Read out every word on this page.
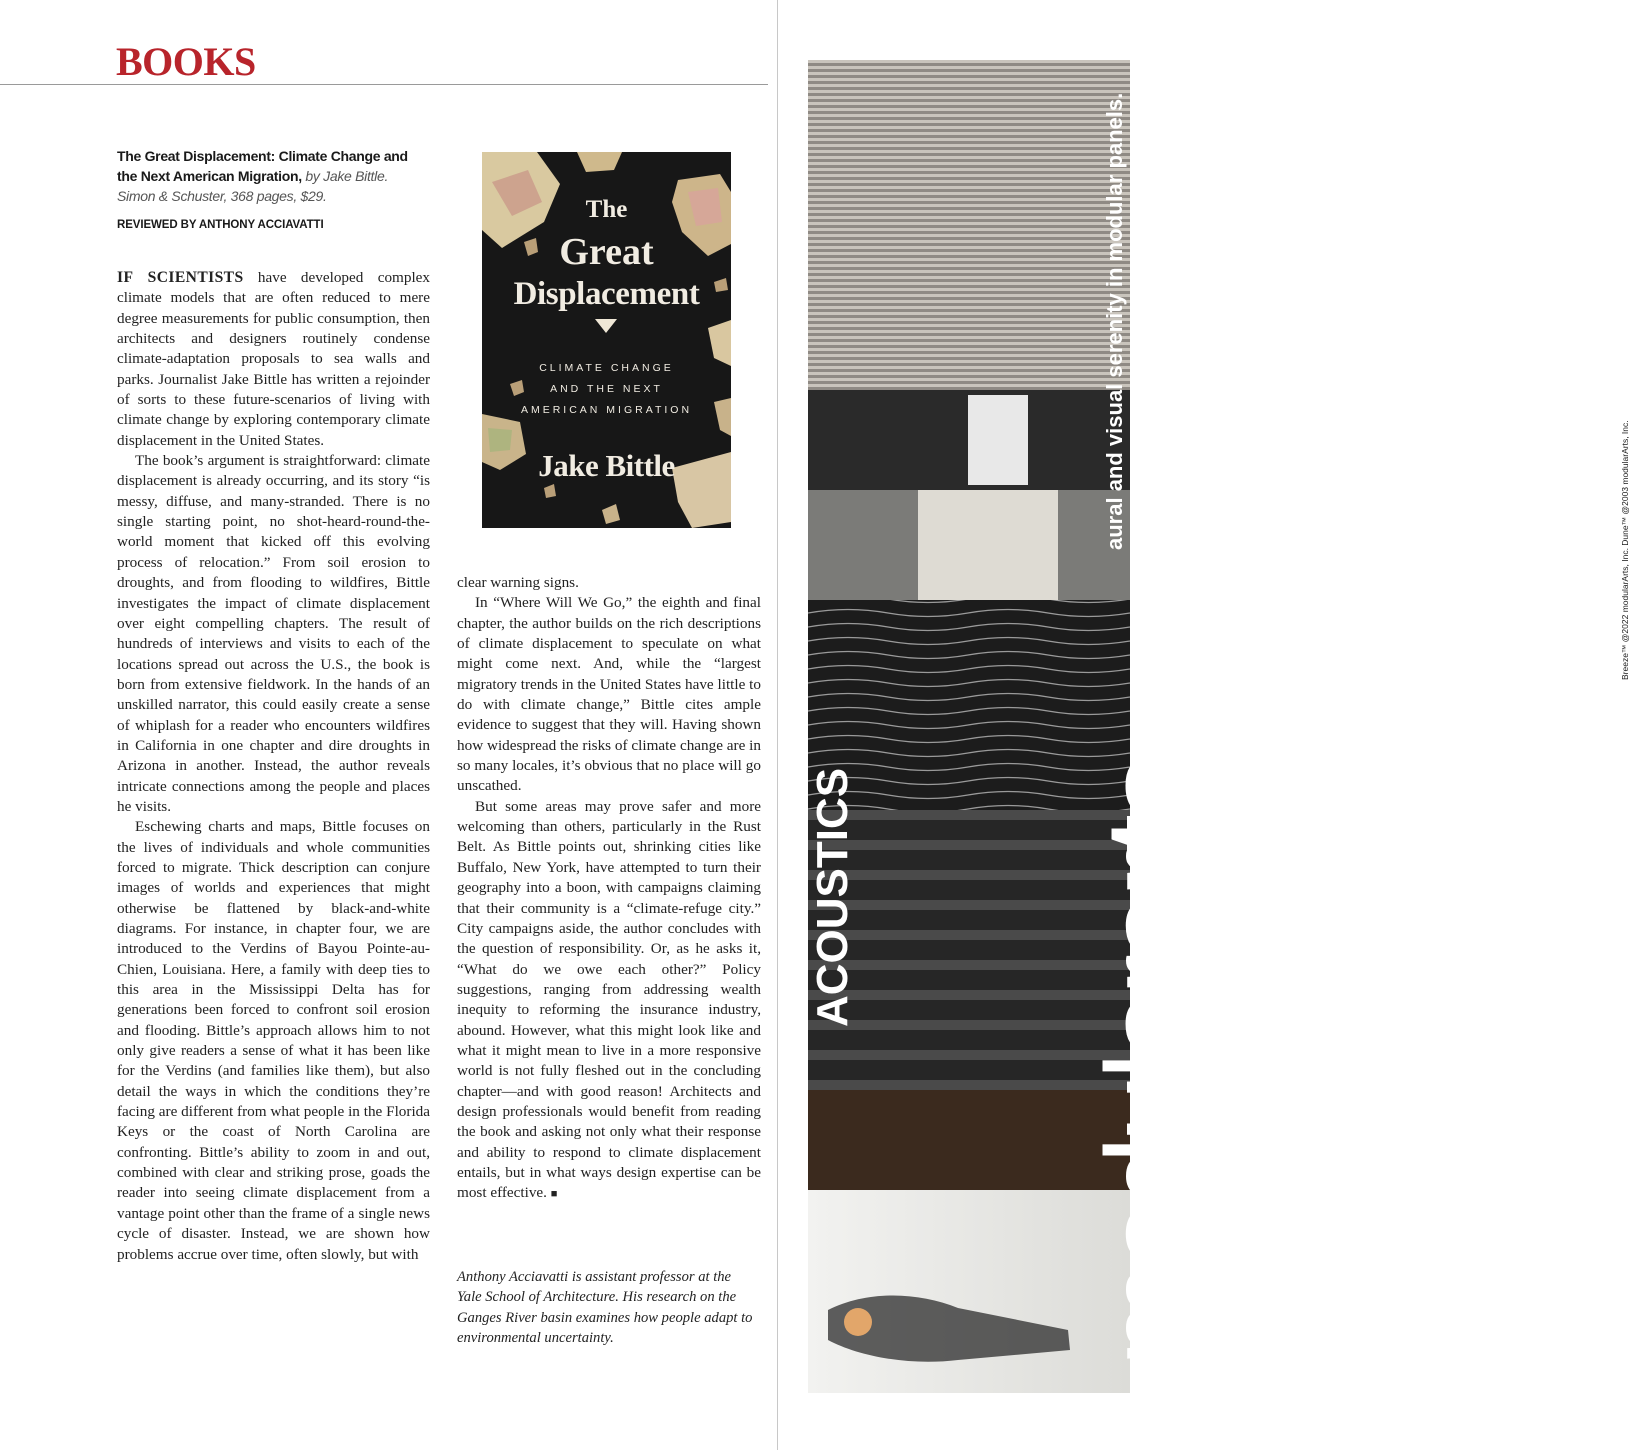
BOOKS
The Great Displacement: Climate Change and the Next American Migration, by Jake Bittle. Simon & Schuster, 368 pages, $29.
REVIEWED BY ANTHONY ACCIAVATTI

IF SCIENTISTS have developed complex climate models that are often reduced to mere degree measurements for public consumption, then architects and designers routinely condense climate-adaptation proposals to sea walls and parks. Journalist Jake Bittle has written a rejoinder of sorts to these future-scenarios of living with climate change by exploring contemporary climate displacement in the United States.

The book’s argument is straightforward: climate displacement is already occurring, and its story “is messy, diffuse, and many-stranded. There is no single starting point, no shot-heard-round-the-world moment that kicked off this evolving process of relocation.” From soil erosion to droughts, and from flooding to wildfires, Bittle investigates the impact of climate displacement over eight compelling chapters. The result of hundreds of interviews and visits to each of the locations spread out across the U.S., the book is born from extensive fieldwork. In the hands of an unskilled narrator, this could easily create a sense of whiplash for a reader who encounters wildfires in California in one chapter and dire droughts in Arizona in another. Instead, the author reveals intricate connections among the people and places he visits.

Eschewing charts and maps, Bittle focuses on the lives of individuals and whole communities forced to migrate. Thick description can conjure images of worlds and experiences that might otherwise be flattened by black-and-white diagrams. For instance, in chapter four, we are introduced to the Verdins of Bayou Pointe-au-Chien, Louisiana. Here, a family with deep ties to this area in the Mississippi Delta has for generations been forced to confront soil erosion and flooding. Bittle’s approach allows him to not only give readers a sense of what it has been like for the Verdins (and families like them), but also detail the ways in which the conditions they’re facing are different from what people in the Florida Keys or the coast of North Carolina are confronting. Bittle’s ability to zoom in and out, combined with clear and striking prose, goads the reader into seeing climate displacement from a vantage point other than the frame of a single news cycle of disaster. Instead, we are shown how problems accrue over time, often slowly, but with

clear warning signs.

In “Where Will We Go,” the eighth and final chapter, the author builds on the rich descriptions of climate displacement to speculate on what might come next. And, while the “largest migratory trends in the United States have little to do with climate change,” Bittle cites ample evidence to suggest that they will. Having shown how widespread the risks of climate change are in so many locales, it’s obvious that no place will go unscathed.

But some areas may prove safer and more welcoming than others, particularly in the Rust Belt. As Bittle points out, shrinking cities like Buffalo, New York, have attempted to turn their geography into a boon, with campaigns claiming that their community is a “climate-refuge city.” City campaigns aside, the author concludes with the question of responsibility. Or, as he asks it, “What do we owe each other?” Policy suggestions, ranging from addressing wealth inequity to reforming the insurance industry, abound. However, what this might look like and what it might mean to live in a more responsive world is not fully fleshed out in the concluding chapter—and with good reason! Architects and design professionals would benefit from reading the book and asking not only what their response and ability to respond to climate displacement entails, but in what ways design expertise can be most effective. ■

Anthony Acciavatti is assistant professor at the Yale School of Architecture. His research on the Ganges River basin examines how people adapt to environmental uncertainty.
The
Great
Displacement
CLIMATE CHANGE
AND THE NEXT
AMERICAN MIGRATION
Jake Bittle	Breeze™ @2022 modularArts, Inc. Dune™ @2003 modularArts, Inc.
ACOUSTICS
modulararts®
aural and visual serenity in modular panels.
